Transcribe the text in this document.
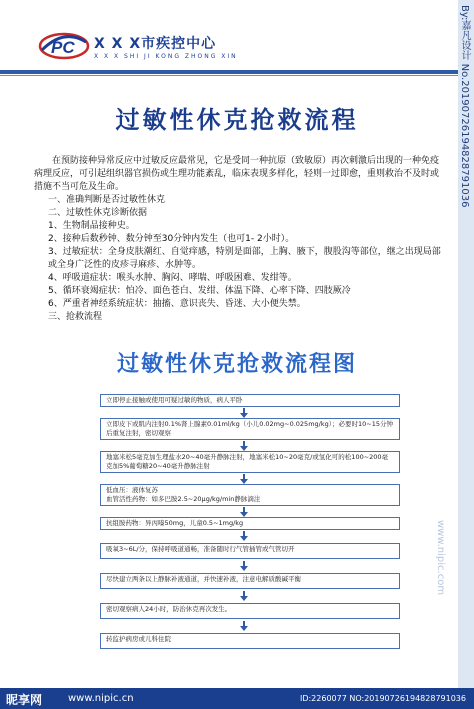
PC X X X市疾控中心
X X X SHI JI KONG ZHONG XIN
过敏性休克抢救流程

在预防接种异常反应中过敏反应最常见，它是受同一种抗原（致敏原）再次刺激后出现的一种免疫病理反应，可引起组织器官损伤或生理功能紊乱，临床表现多样化，轻则一过即愈，重则救治不及时或措施不当可危及生命。

一、准确判断是否过敏性休克

二、过敏性休克诊断依据

1、生物制品接种史。

2、接种后数秒钟、数分钟至30分钟内发生（也可1- 2小时）。

3、过敏症状：全身皮肤潮红、自觉痒感，特别是面部，上胸、腋下，腹股沟等部位，继之出现局部或全身广泛性的皮疹寻麻疹、水肿等。

4、呼吸道症状：喉头水肿、胸闷、哮喘、呼吸困难、发绀等。

5、循环衰竭症状：怕冷、面色苍白、发绀、体温下降、心率下降、四肢厥冷

6、严重者神经系统症状：抽搐、意识丧失、昏迷、大小便失禁。

三、抢救流程

过敏性休克抢救流程图
立即停止接触或使用可疑过敏的物质，病人平卧
立即皮下或肌内注射0.1%肾上腺素0.01ml/kg（小儿0.02mg~0.025mg/kg）；必要时10~15分钟后重复注射，密切观察
地塞米松5毫克加生理盐水20~40毫升静脉注射，地塞米松10~20毫克/或氢化可的松100~200毫克加5%葡萄糖20~40毫升静脉注射
低血压：液体复苏
血管活性药物：如多巴胺2.5~20μg/kg/min静脉滴注
抗组胺药物：异丙嗪50mg，儿童0.5~1mg/kg
吸氧3~6L/分，保持呼吸道通畅，准备随时行气管插管或气管切开
尽快建立两条以上静脉补液通道，并快速补液，注意电解质酸碱平衡
密切观察病人24小时，防治休克再次发生。
转监护病房或儿科住院
By:嘉凡设计 No.20190726194828791036
www.nipic.com
昵享网	www.nipic.cn	ID:2260077 NO:20190726194828791036
